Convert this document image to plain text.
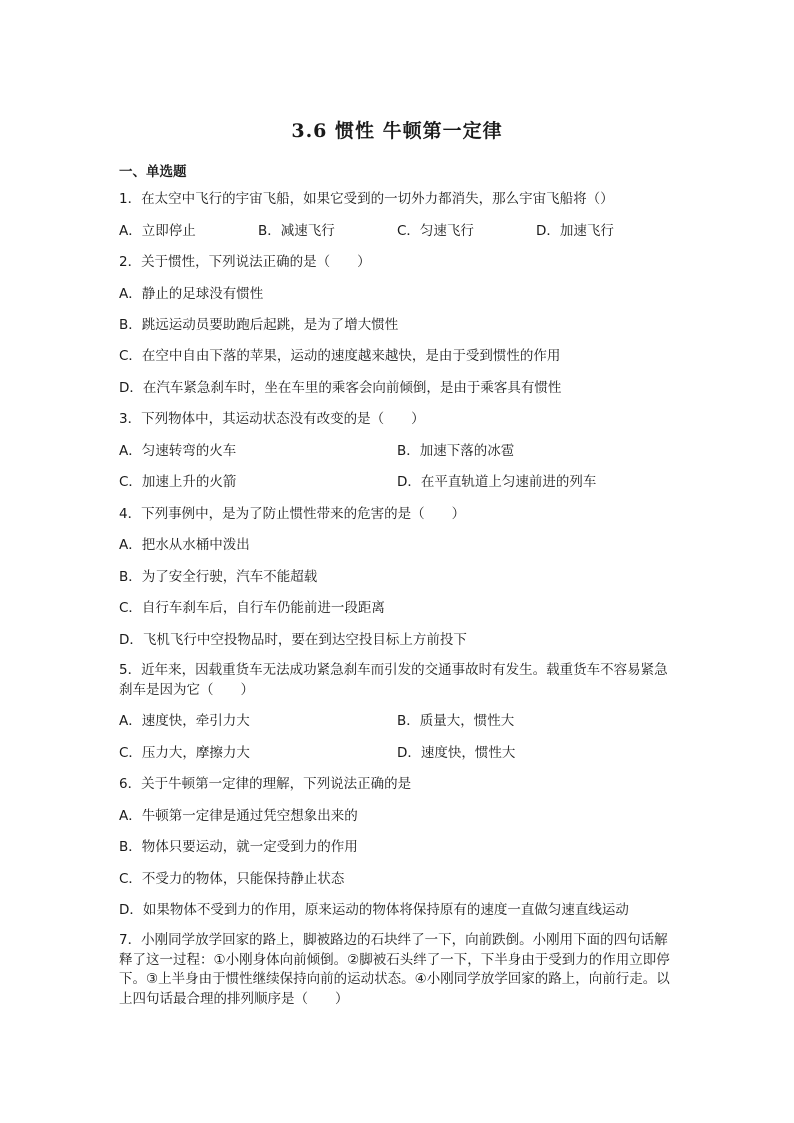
3.6 惯性 牛顿第一定律
一、单选题
1．在太空中飞行的宇宙飞船，如果它受到的一切外力都消失，那么宇宙飞船将（）
A．立即停止	B．减速飞行	C．匀速飞行	D．加速飞行
2．关于惯性，下列说法正确的是（　　）
A．静止的足球没有惯性
B．跳远运动员要助跑后起跳，是为了增大惯性
C．在空中自由下落的苹果，运动的速度越来越快，是由于受到惯性的作用
D．在汽车紧急刹车时，坐在车里的乘客会向前倾倒，是由于乘客具有惯性
3．下列物体中，其运动状态没有改变的是（　　）
A．匀速转弯的火车	B．加速下落的冰雹
C．加速上升的火箭	D．在平直轨道上匀速前进的列车
4．下列事例中，是为了防止惯性带来的危害的是（　　）
A．把水从水桶中泼出
B．为了安全行驶，汽车不能超载
C．自行车刹车后，自行车仍能前进一段距离
D．飞机飞行中空投物品时，要在到达空投目标上方前投下
5．近年来，因载重货车无法成功紧急刹车而引发的交通事故时有发生。载重货车不容易紧急刹车是因为它（　　）
A．速度快，牵引力大	B．质量大，惯性大
C．压力大，摩擦力大	D．速度快，惯性大
6．关于牛顿第一定律的理解，下列说法正确的是
A．牛顿第一定律是通过凭空想象出来的
B．物体只要运动，就一定受到力的作用
C．不受力的物体，只能保持静止状态
D．如果物体不受到力的作用，原来运动的物体将保持原有的速度一直做匀速直线运动
7．小刚同学放学回家的路上，脚被路边的石块绊了一下，向前跌倒。小刚用下面的四句话解释了这一过程：①小刚身体向前倾倒。②脚被石头绊了一下，下半身由于受到力的作用立即停下。③上半身由于惯性继续保持向前的运动状态。④小刚同学放学回家的路上，向前行走。以上四句话最合理的排列顺序是（　　）
